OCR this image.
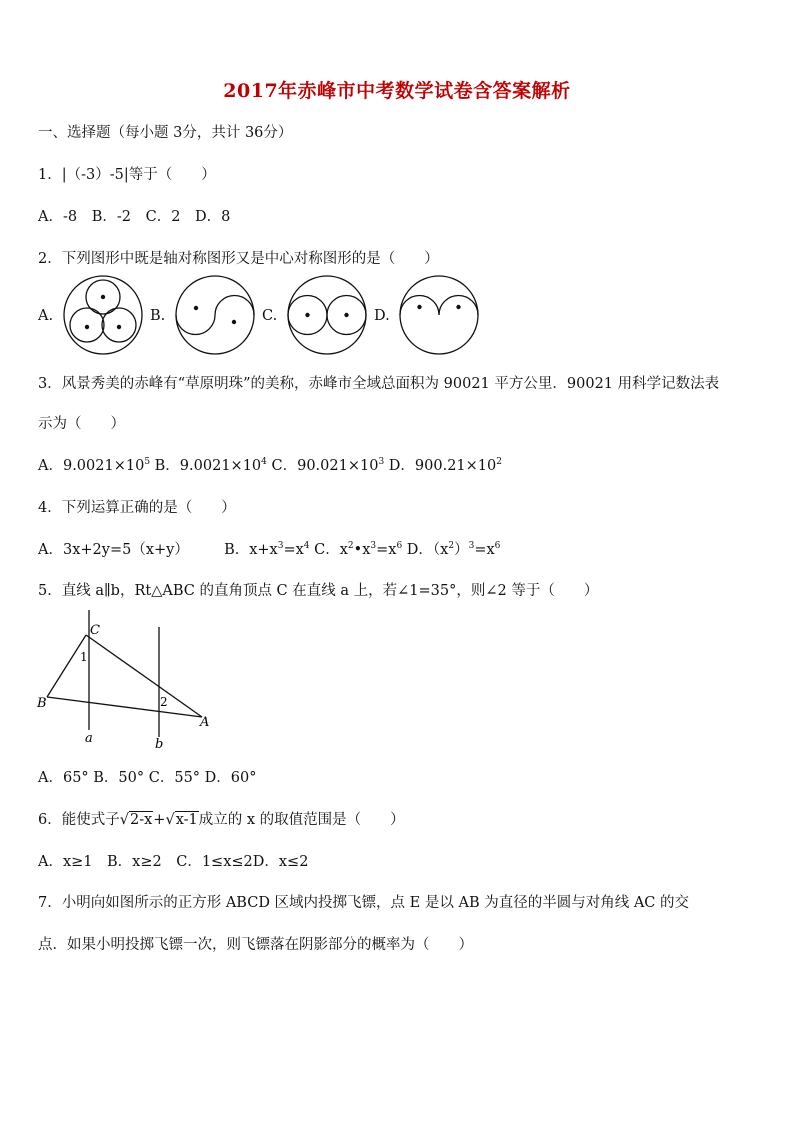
2017年赤峰市中考数学试卷含答案解析
一、选择题（每小题 3分，共计 36分）
1．|（-3）-5|等于（　　）
A．-8 B．-2 C．2 D．8
2．下列图形中既是轴对称图形又是中心对称图形的是（　　）
A.	B.	C.	D.
3．风景秀美的赤峰有“草原明珠”的美称，赤峰市全域总面积为 90021 平方公里．90021 用科学记数法表
示为（　　）
A．$9.0021\times 10^5$ B．$9.0021\times 10^4$ C．$90.021\times 10^3$ D．$900.21\times 10^2$
4．下列运算正确的是（　　）
A．3x+2y=5（x+y） B．$x+x^3=x^4$ C．$x^2•x^3=x^6$ D．$(x^2)^3=x^6$
5．直线 a∥b，Rt△ABC 的直角顶点 C 在直线 a 上，若∠1=35°，则∠2 等于（　　）
C
1
B	2
A
a	b
A．65° B．50° C．55° D．60°
6．能使式子√2-x+√x-1成立的 x 的取值范围是（　　）
A．x≥1　B．x≥2　C．1≤x≤2D．x≤2
7．小明向如图所示的正方形 ABCD 区域内投掷飞镖，点 E 是以 AB 为直径的半圆与对角线 AC 的交
点．如果小明投掷飞镖一次，则飞镖落在阴影部分的概率为（　　）
